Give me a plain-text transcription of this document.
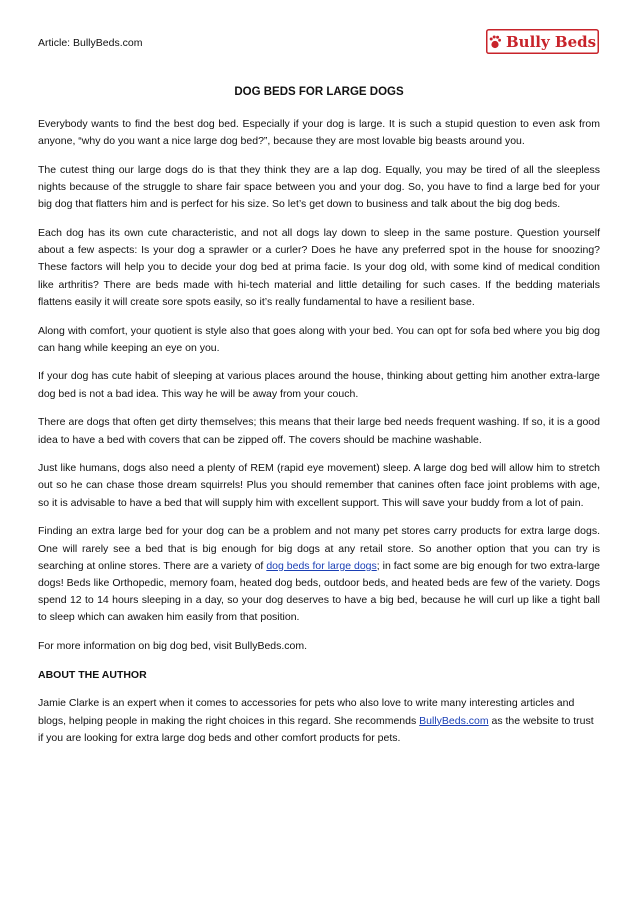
Article: BullyBeds.com	Bully Beds
DOG BEDS FOR LARGE DOGS

Everybody wants to find the best dog bed. Especially if your dog is large. It is such a stupid question to even ask from anyone, “why do you want a nice large dog bed?”, because they are most lovable big beasts around you.

The cutest thing our large dogs do is that they think they are a lap dog. Equally, you may be tired of all the sleepless nights because of the struggle to share fair space between you and your dog. So, you have to find a large bed for your big dog that flatters him and is perfect for his size. So let’s get down to business and talk about the big dog beds.

Each dog has its own cute characteristic, and not all dogs lay down to sleep in the same posture. Question yourself about a few aspects: Is your dog a sprawler or a curler? Does he have any preferred spot in the house for snoozing? These factors will help you to decide your dog bed at prima facie. Is your dog old, with some kind of medical condition like arthritis? There are beds made with hi-tech material and little detailing for such cases. If the bedding materials flattens easily it will create sore spots easily, so it’s really fundamental to have a resilient base.

Along with comfort, your quotient is style also that goes along with your bed. You can opt for sofa bed where you big dog can hang while keeping an eye on you.

If your dog has cute habit of sleeping at various places around the house, thinking about getting him another extra-large dog bed is not a bad idea. This way he will be away from your couch.

There are dogs that often get dirty themselves; this means that their large bed needs frequent washing. If so, it is a good idea to have a bed with covers that can be zipped off. The covers should be machine washable.

Just like humans, dogs also need a plenty of REM (rapid eye movement) sleep. A large dog bed will allow him to stretch out so he can chase those dream squirrels! Plus you should remember that canines often face joint problems with age, so it is advisable to have a bed that will supply him with excellent support. This will save your buddy from a lot of pain.

Finding an extra large bed for your dog can be a problem and not many pet stores carry products for extra large dogs. One will rarely see a bed that is big enough for big dogs at any retail store. So another option that you can try is searching at online stores. There are a variety of dog beds for large dogs; in fact some are big enough for two extra-large dogs! Beds like Orthopedic, memory foam, heated dog beds, outdoor beds, and heated beds are few of the variety. Dogs spend 12 to 14 hours sleeping in a day, so your dog deserves to have a big bed, because he will curl up like a tight ball to sleep which can awaken him easily from that position.

For more information on big dog bed, visit BullyBeds.com.

ABOUT THE AUTHOR

Jamie Clarke is an expert when it comes to accessories for pets who also love to write many interesting articles and blogs, helping people in making the right choices in this regard. She recommends BullyBeds.com as the website to trust if you are looking for extra large dog beds and other comfort products for pets.
